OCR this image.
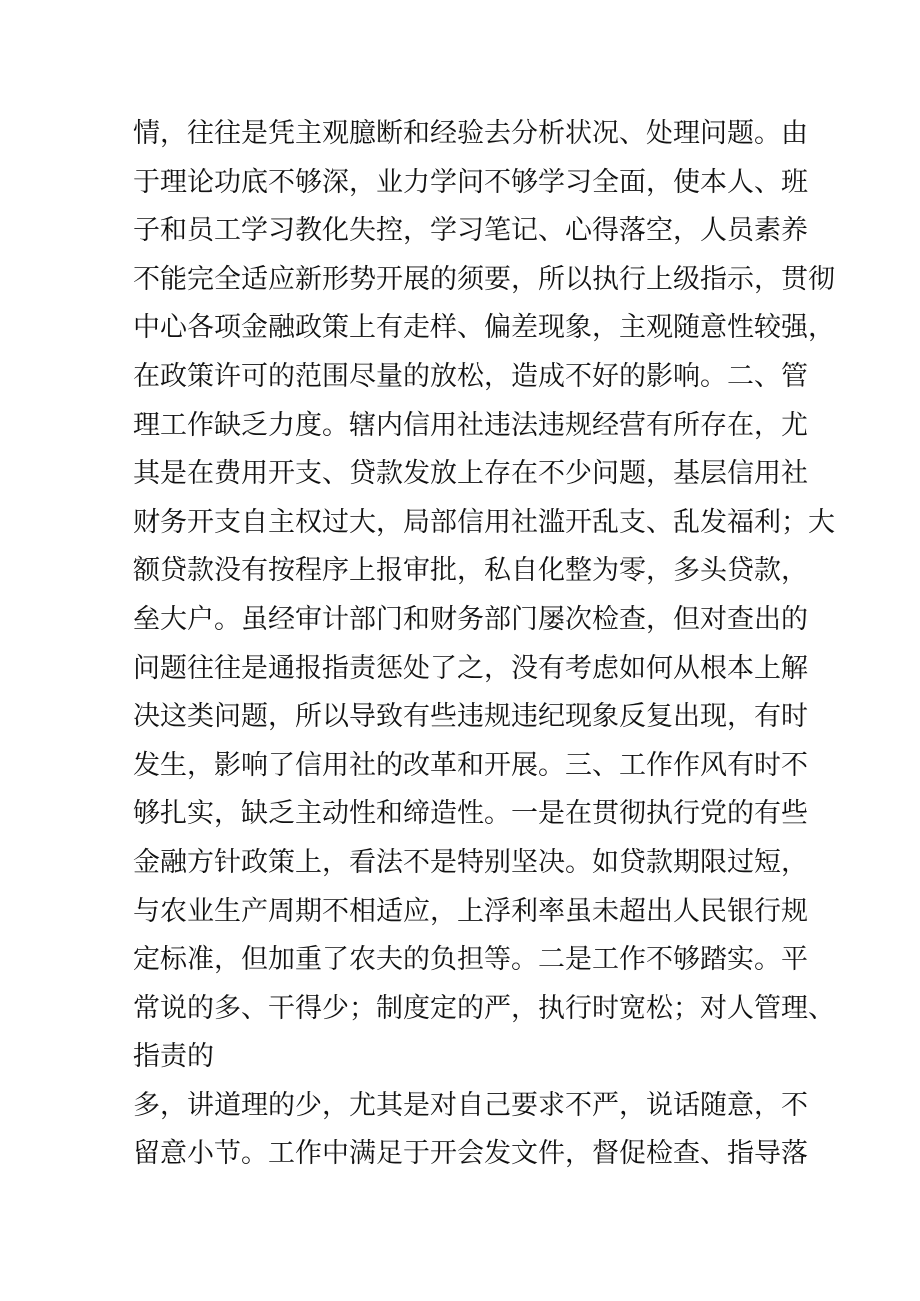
情，往往是凭主观臆断和经验去分析状况、处理问题。由
于理论功底不够深，业力学问不够学习全面，使本人、班
子和员工学习教化失控，学习笔记、心得落空，人员素养
不能完全适应新形势开展的须要，所以执行上级指示，贯彻
中心各项金融政策上有走样、偏差现象，主观随意性较强，
在政策许可的范围尽量的放松，造成不好的影响。二、管
理工作缺乏力度。辖内信用社违法违规经营有所存在，尤
其是在费用开支、贷款发放上存在不少问题，基层信用社
财务开支自主权过大，局部信用社滥开乱支、乱发福利；大
额贷款没有按程序上报审批，私自化整为零，多头贷款，
垒大户。虽经审计部门和财务部门屡次检查，但对查出的
问题往往是通报指责惩处了之，没有考虑如何从根本上解
决这类问题，所以导致有些违规违纪现象反复出现，有时
发生，影响了信用社的改革和开展。三、工作作风有时不
够扎实，缺乏主动性和缔造性。一是在贯彻执行党的有些
金融方针政策上，看法不是特别坚决。如贷款期限过短，
与农业生产周期不相适应，上浮利率虽未超出人民银行规
定标准，但加重了农夫的负担等。二是工作不够踏实。平
常说的多、干得少；制度定的严，执行时宽松；对人管理、
指责的
多，讲道理的少，尤其是对自己要求不严，说话随意，不
留意小节。工作中满足于开会发文件，督促检查、指导落
